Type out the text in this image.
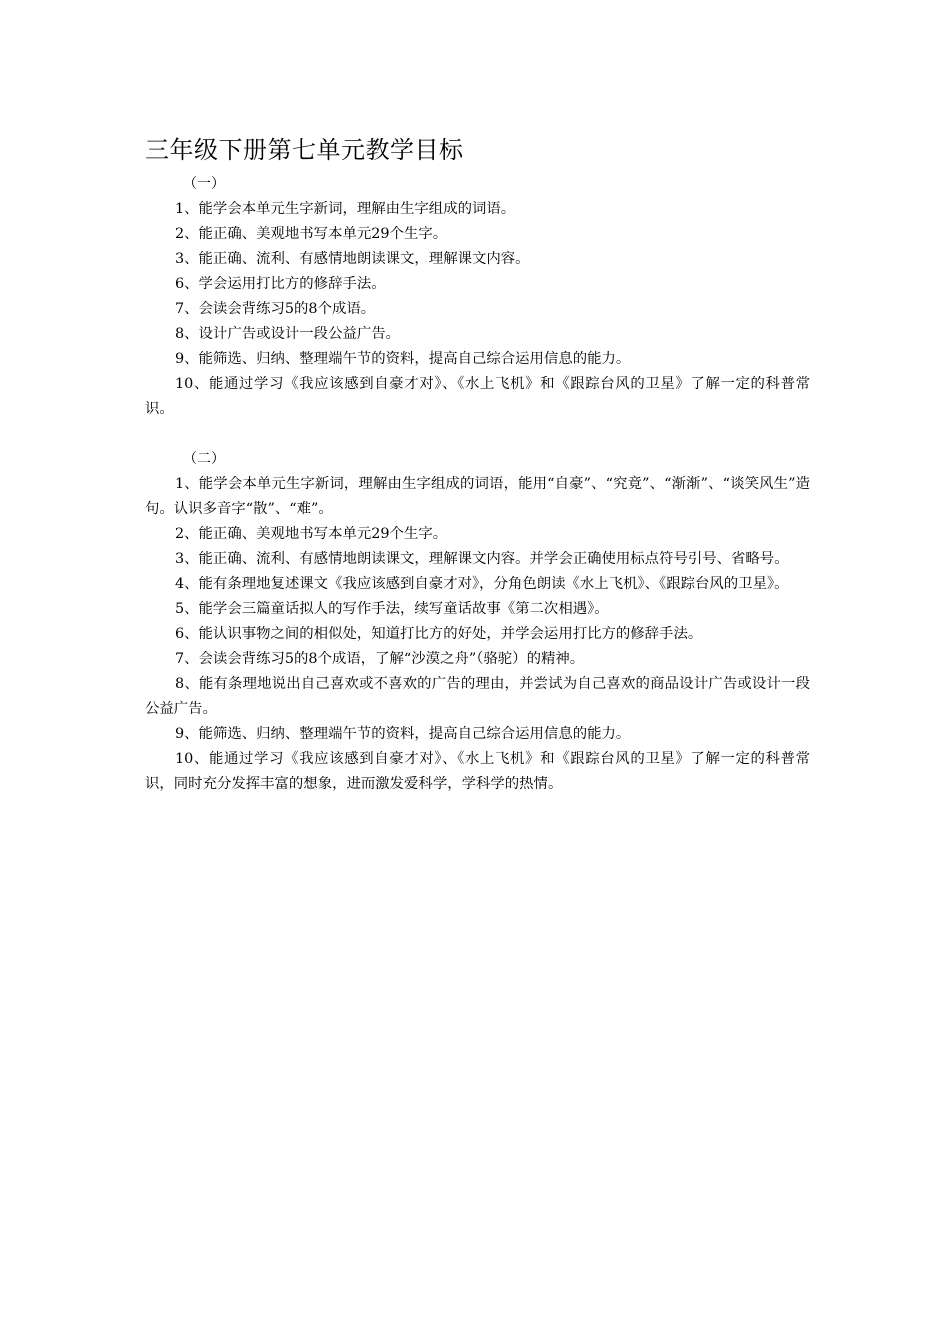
三年级下册第七单元教学目标

（一）

1、能学会本单元生字新词，理解由生字组成的词语。

2、能正确、美观地书写本单元29个生字。

3、能正确、流利、有感情地朗读课文，理解课文内容。

6、学会运用打比方的修辞手法。

7、会读会背练习5的8个成语。

8、设计广告或设计一段公益广告。

9、能筛选、归纳、整理端午节的资料，提高自己综合运用信息的能力。

10、能通过学习《我应该感到自豪才对》、《水上飞机》和《跟踪台风的卫星》了解一定的科普常识。

（二）

1、能学会本单元生字新词，理解由生字组成的词语，能用“自豪”、“究竟”、“渐渐”、“谈笑风生”造句。认识多音字“散”、“难”。

2、能正确、美观地书写本单元29个生字。

3、能正确、流利、有感情地朗读课文，理解课文内容。并学会正确使用标点符号引号、省略号。

4、能有条理地复述课文《我应该感到自豪才对》，分角色朗读《水上飞机》、《跟踪台风的卫星》。

5、能学会三篇童话拟人的写作手法，续写童话故事《第二次相遇》。

6、能认识事物之间的相似处，知道打比方的好处，并学会运用打比方的修辞手法。

7、会读会背练习5的8个成语，了解“沙漠之舟”（骆驼）的精神。

8、能有条理地说出自己喜欢或不喜欢的广告的理由，并尝试为自己喜欢的商品设计广告或设计一段公益广告。

9、能筛选、归纳、整理端午节的资料，提高自己综合运用信息的能力。

10、能通过学习《我应该感到自豪才对》、《水上飞机》和《跟踪台风的卫星》了解一定的科普常识，同时充分发挥丰富的想象，进而激发爱科学，学科学的热情。
